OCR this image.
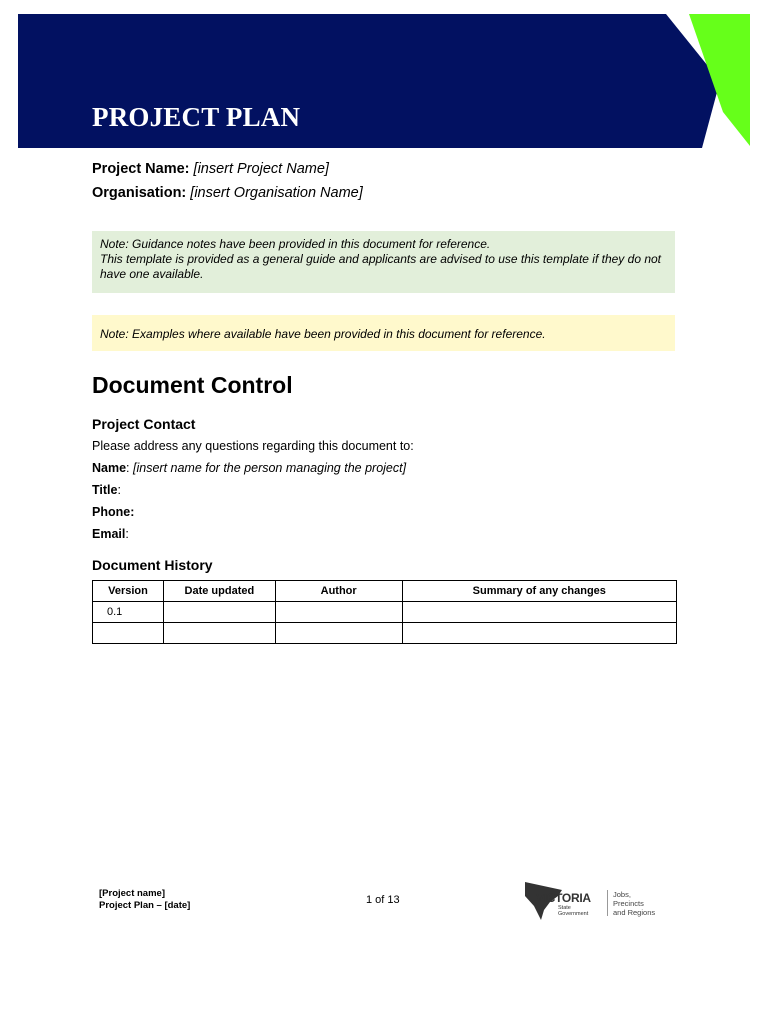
PROJECT PLAN
Project Name: [insert Project Name]
Organisation: [insert Organisation Name]

Note: Guidance notes have been provided in this document for reference.

This template is provided as a general guide and applicants are advised to use this template if they do not have one available.

Note: Examples where available have been provided in this document for reference.

Document Control
Project Contact
Please address any questions regarding this document to:
Name: [insert name for the person managing the project]
Title:
Phone:
Email:
Document History
Version	Date updated	Author	Summary of any changes
0.1			

[Project name]
Project Plan – [date]	1 of 13	VICTORIA
State
Government
Jobs,
Precincts
and Regions
